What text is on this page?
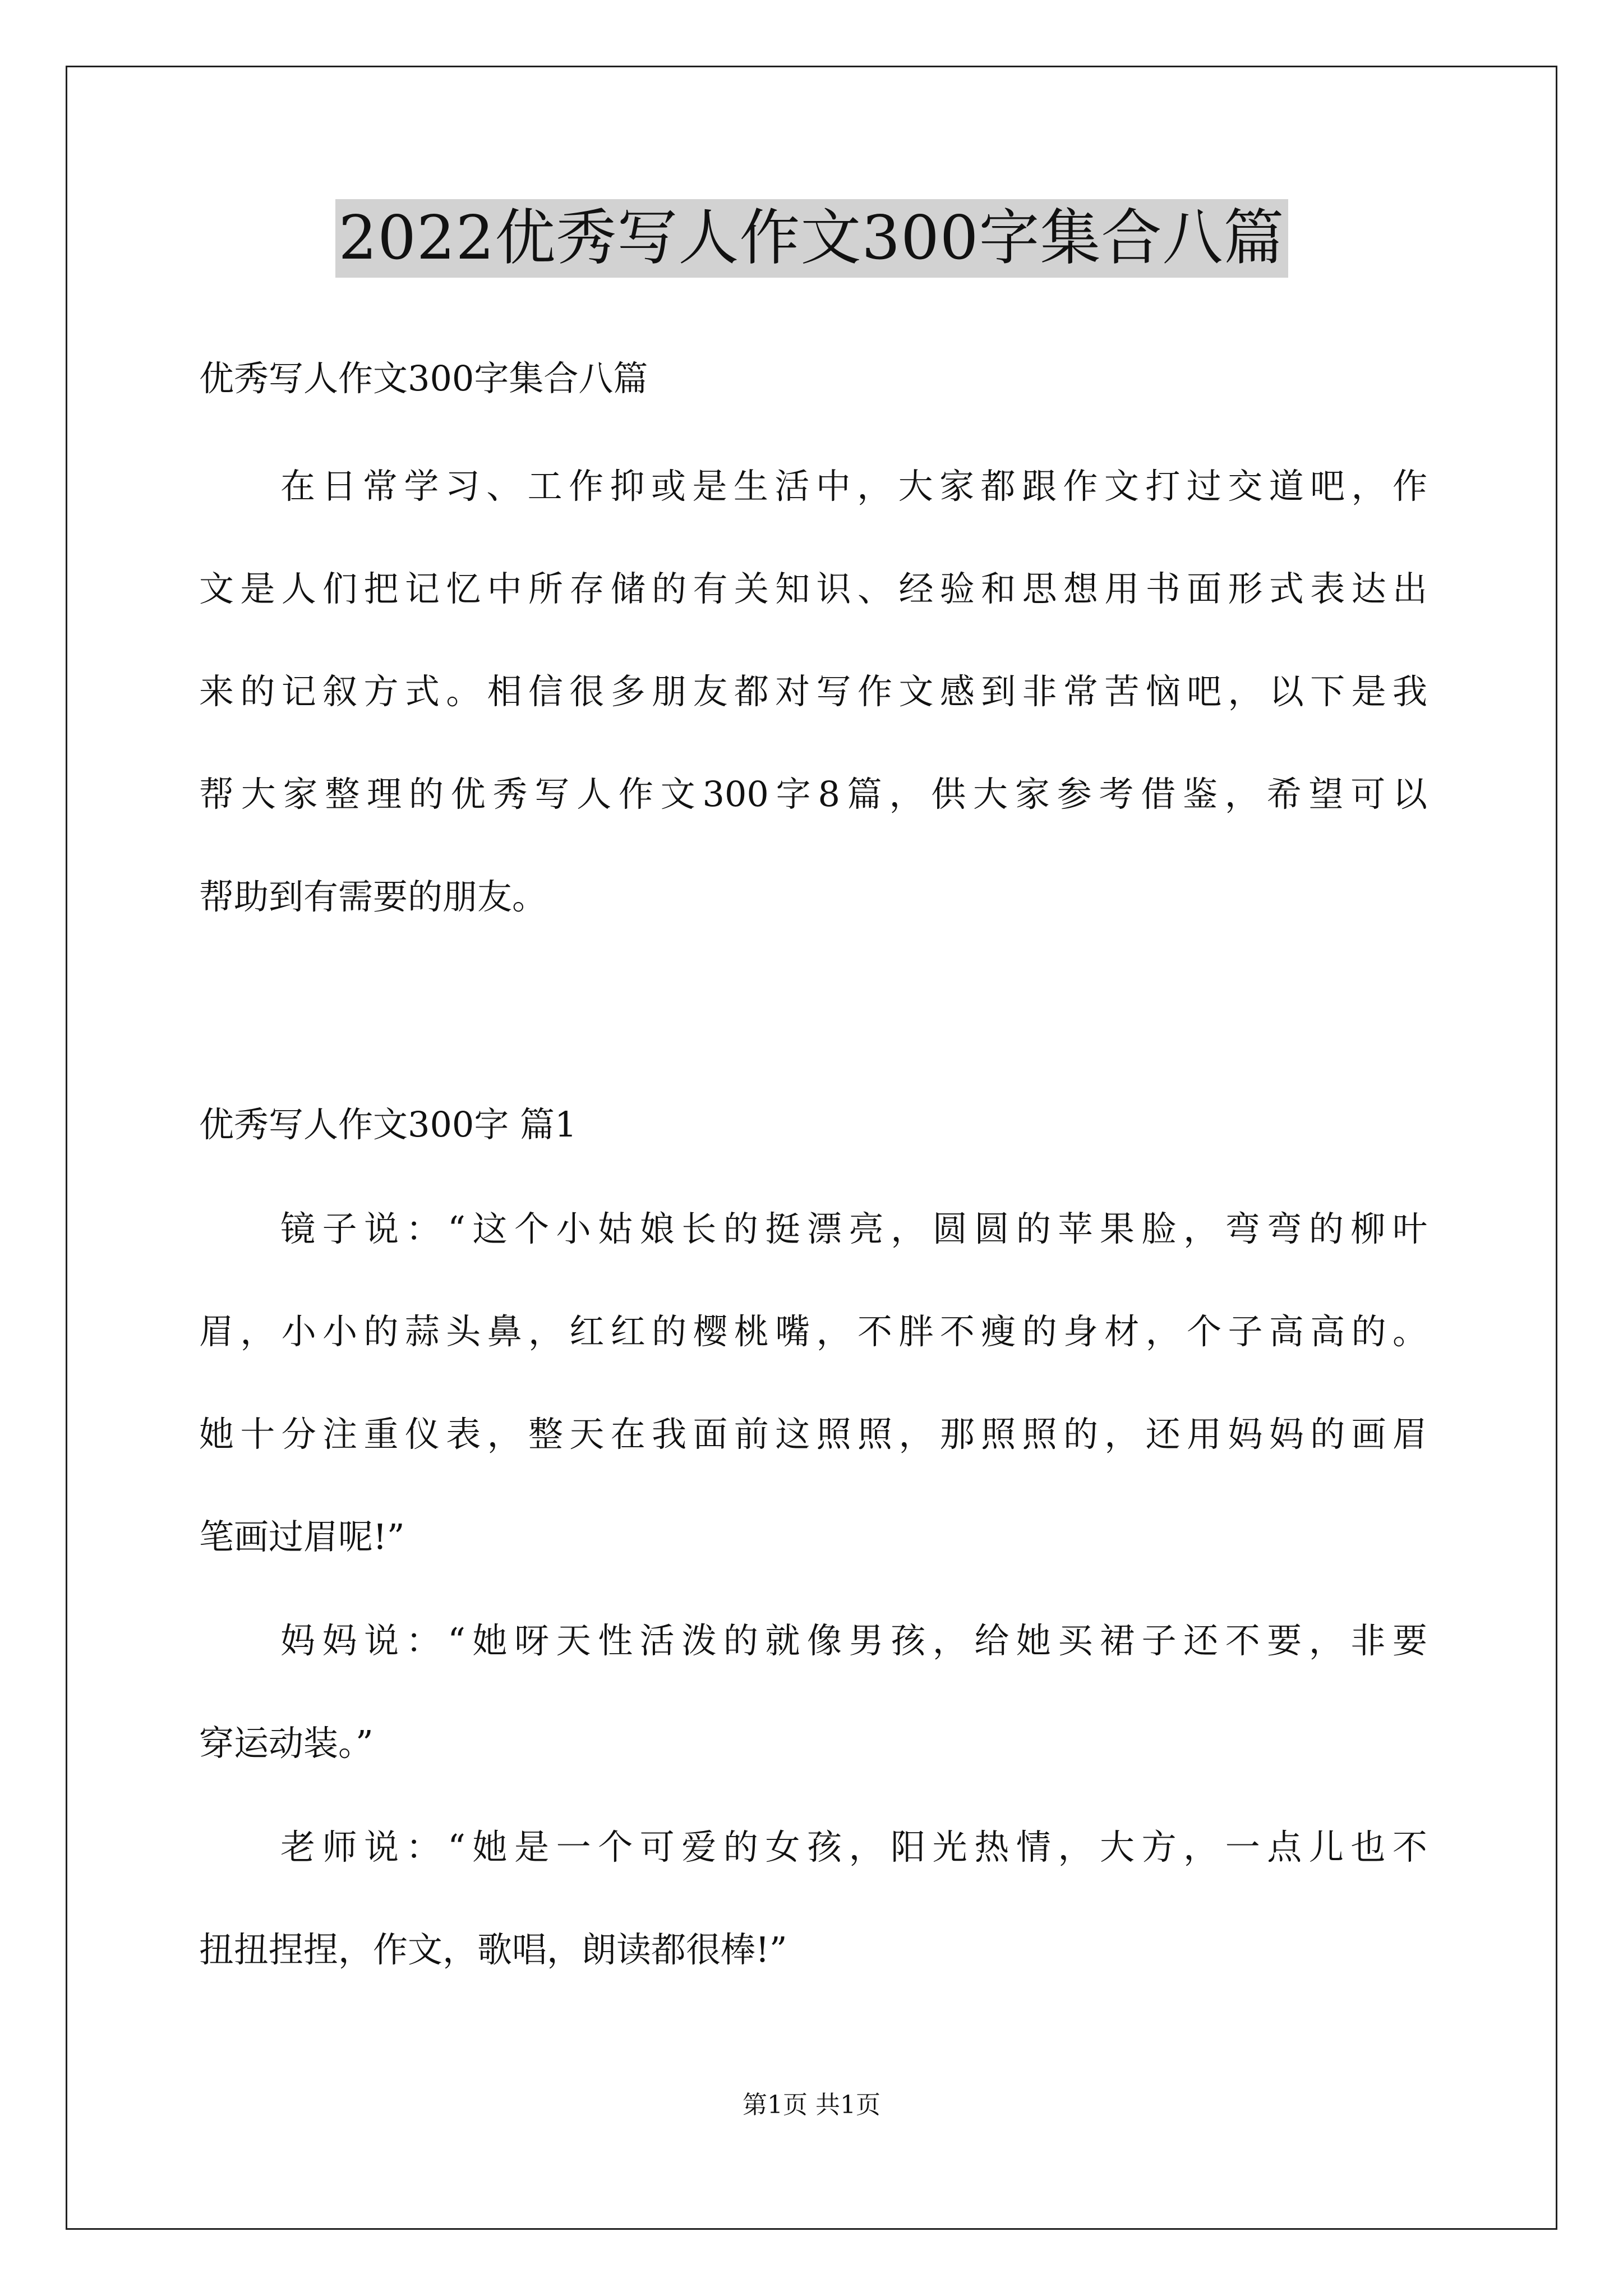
2022优秀写人作文300字集合八篇

优秀写人作文300字集合八篇

在日常学习、工作抑或是生活中，大家都跟作文打过交道吧，作

文是人们把记忆中所存储的有关知识、经验和思想用书面形式表达出

来的记叙方式。相信很多朋友都对写作文感到非常苦恼吧，以下是我

帮大家整理的优秀写人作文300字8篇，供大家参考借鉴，希望可以

帮助到有需要的朋友。

优秀写人作文300字 篇1

镜子说：“这个小姑娘长的挺漂亮，圆圆的苹果脸，弯弯的柳叶

眉，小小的蒜头鼻，红红的樱桃嘴，不胖不瘦的身材，个子高高的。

她十分注重仪表，整天在我面前这照照，那照照的，还用妈妈的画眉

笔画过眉呢!”

妈妈说：“她呀天性活泼的就像男孩，给她买裙子还不要，非要

穿运动装。”

老师说：“她是一个可爱的女孩，阳光热情，大方，一点儿也不

扭扭捏捏，作文，歌唱，朗读都很棒!”

第1页 共1页
